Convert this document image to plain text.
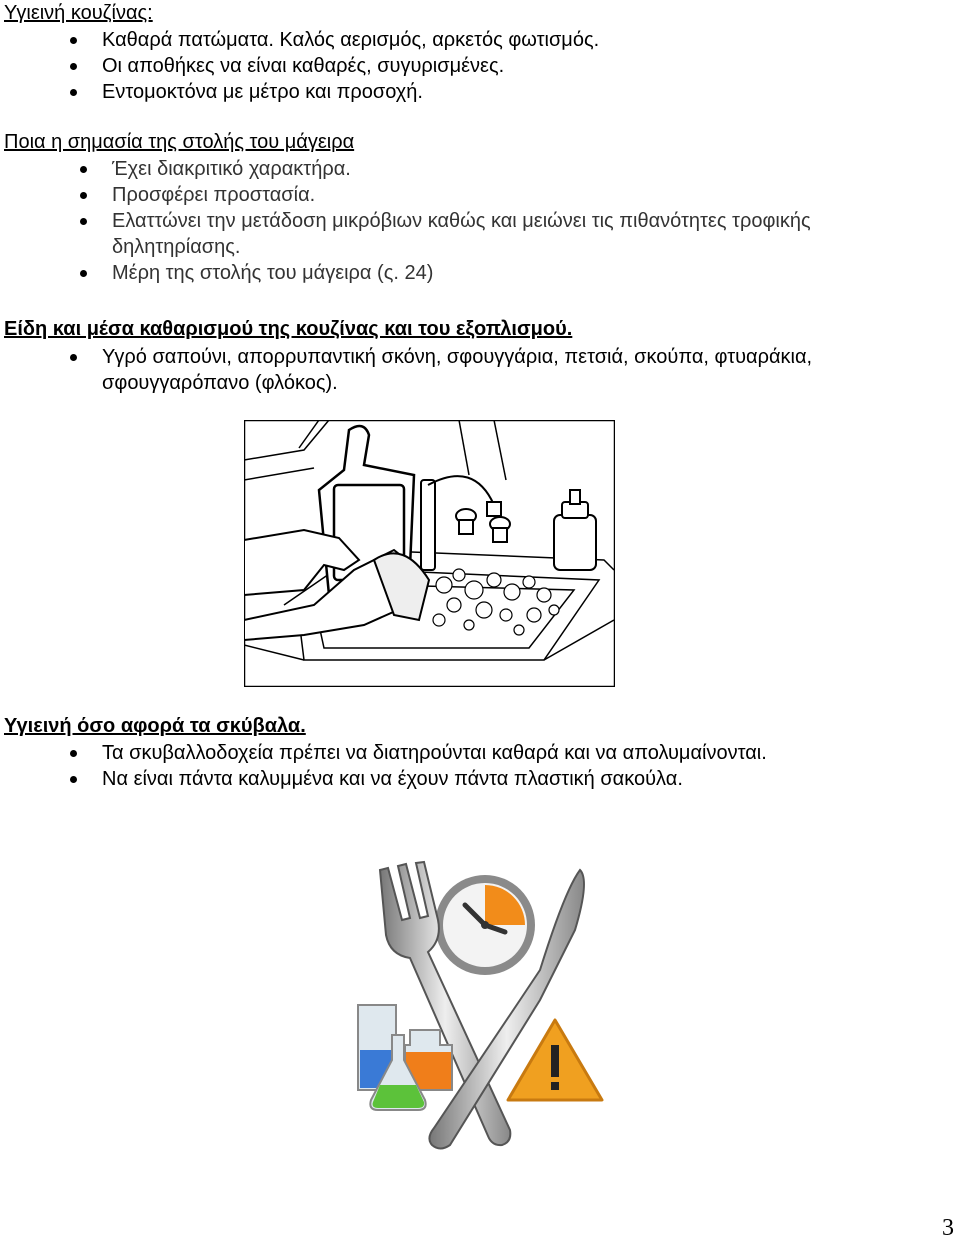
Υγιεινή κουζίνας:
Καθαρά πατώματα. Καλός αερισμός, αρκετός φωτισμός.
Οι αποθήκες να είναι καθαρές, συγυρισμένες.
Εντομοκτόνα με μέτρο και προσοχή.
Ποια η σημασία της στολής του μάγειρα
Έχει διακριτικό χαρακτήρα.
Προσφέρει προστασία.
Ελαττώνει την μετάδοση μικρόβιων καθώς και μειώνει τις πιθανότητες τροφικής
δηλητηρίασης.
Μέρη της στολής του μάγειρα (ς. 24)
Είδη και μέσα καθαρισμού της κουζίνας και του εξοπλισμού.
Υγρό σαπούνι, απορρυπαντική σκόνη, σφουγγάρια, πετσιά, σκούπα, φτυαράκια,
σφουγγαρόπανο (φλόκος).
Υγιεινή όσο αφορά τα σκύβαλα.
Τα σκυβαλλοδοχεία πρέπει να διατηρούνται καθαρά και να απολυμαίνονται.
Να είναι πάντα καλυμμένα και να έχουν πάντα πλαστική σακούλα.
3
